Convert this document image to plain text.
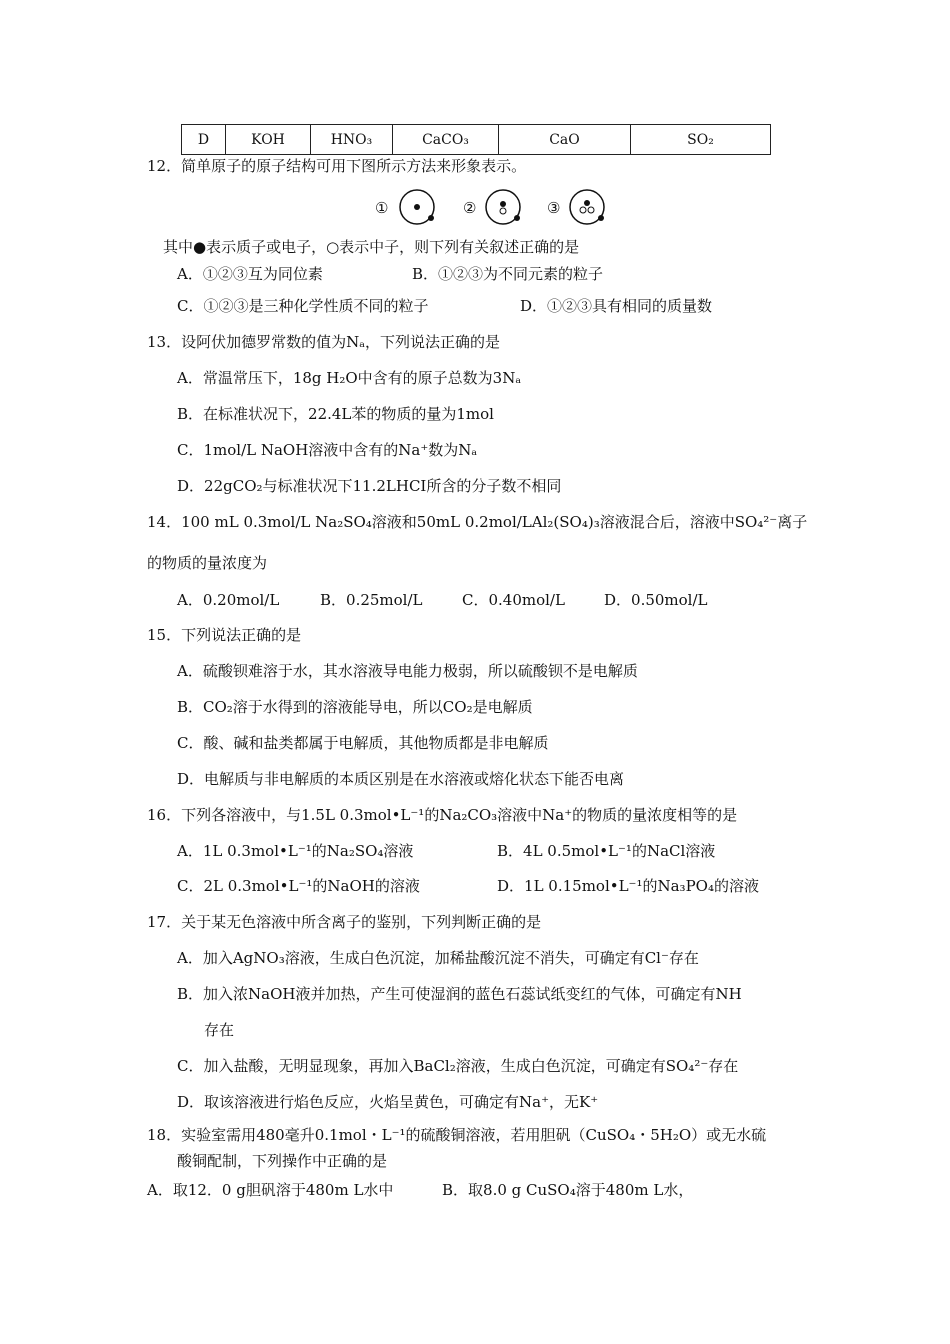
D	KOH	HNO₃	CaCO₃	CaO	SO₂
12．简单原子的原子结构可用下图所示方法来形象表示。
①	②	③
其中●表示质子或电子，○表示中子，则下列有关叙述正确的是
A．①②③互为同位素	B．①②③为不同元素的粒子
C．①②③是三种化学性质不同的粒子	D．①②③具有相同的质量数
13．设阿伏加德罗常数的值为Nₐ，下列说法正确的是
A．常温常压下，18g H₂O中含有的原子总数为3Nₐ
B．在标准状况下，22.4L苯的物质的量为1mol
C．1mol/L NaOH溶液中含有的Na⁺数为Nₐ
D．22gCO₂与标准状况下11.2LHCI所含的分子数不相同
14．100 mL 0.3mol/L Na₂SO₄溶液和50mL 0.2mol/LAl₂(SO₄)₃溶液混合后，溶液中SO₄²⁻离子
的物质的量浓度为
A．0.20mol/L	B．0.25mol/L	C．0.40mol/L	D．0.50mol/L
15．下列说法正确的是
A．硫酸钡难溶于水，其水溶液导电能力极弱，所以硫酸钡不是电解质
B．CO₂溶于水得到的溶液能导电，所以CO₂是电解质
C．酸、碱和盐类都属于电解质，其他物质都是非电解质
D．电解质与非电解质的本质区别是在水溶液或熔化状态下能否电离
16．下列各溶液中，与1.5L 0.3mol•L⁻¹的Na₂CO₃溶液中Na⁺的物质的量浓度相等的是
A．1L 0.3mol•L⁻¹的Na₂SO₄溶液	B．4L 0.5mol•L⁻¹的NaCl溶液
C．2L 0.3mol•L⁻¹的NaOH的溶液	D．1L 0.15mol•L⁻¹的Na₃PO₄的溶液
17．关于某无色溶液中所含离子的鉴别，下列判断正确的是
A．加入AgNO₃溶液，生成白色沉淀，加稀盐酸沉淀不消失，可确定有Cl⁻存在
B．加入浓NaOH液并加热，产生可使湿润的蓝色石蕊试纸变红的气体，可确定有NH
存在
C．加入盐酸，无明显现象，再加入BaCl₂溶液，生成白色沉淀，可确定有SO₄²⁻存在
D．取该溶液进行焰色反应，火焰呈黄色，可确定有Na⁺，无K⁺
18．实验室需用480毫升0.1mol・L⁻¹的硫酸铜溶液，若用胆矾（CuSO₄・5H₂O）或无水硫
酸铜配制，下列操作中正确的是
A．取12．0 g胆矾溶于480m L水中	B．取8.0 g CuSO₄溶于480m L水，
